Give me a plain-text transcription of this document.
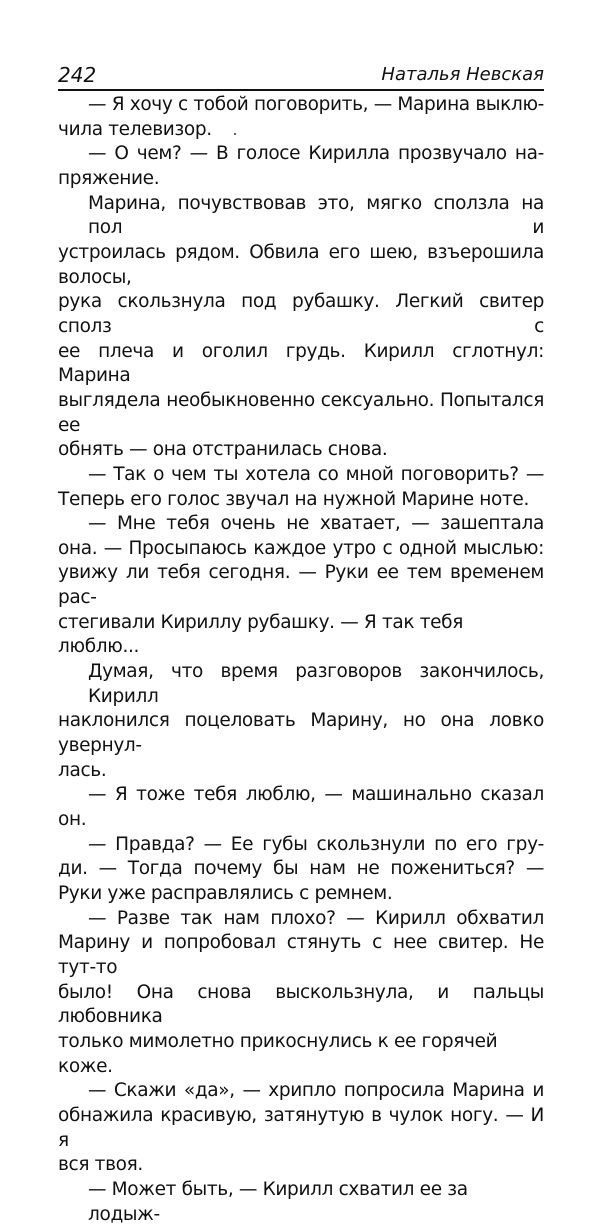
242	Наталья Невская
— Я хочу с тобой поговорить, — Марина выклю-
чила телевизор.
— О чем? — В голосе Кирилла прозвучало на-
пряжение.
Марина, почувствовав это, мягко сползла на пол и
устроилась рядом. Обвила его шею, взъерошила волосы,
рука скользнула под рубашку. Легкий свитер сполз с
ее плеча и оголил грудь. Кирилл сглотнул: Марина
выглядела необыкновенно сексуально. Попытался ее
обнять — она отстранилась снова.
— Так о чем ты хотела со мной поговорить? —
Теперь его голос звучал на нужной Марине ноте.
— Мне тебя очень не хватает, — зашептала
она. — Просыпаюсь каждое утро с одной мыслью:
увижу ли тебя сегодня. — Руки ее тем временем рас-
стегивали Кириллу рубашку. — Я так тебя люблю...
Думая, что время разговоров закончилось, Кирилл
наклонился поцеловать Марину, но она ловко увернул-
лась.
— Я тоже тебя люблю, — машинально сказал
он.
— Правда? — Ее губы скользнули по его гру-
ди. — Тогда почему бы нам не пожениться? —
Руки уже расправлялись с ремнем.
— Разве так нам плохо? — Кирилл обхватил
Марину и попробовал стянуть с нее свитер. Не тут-то
было! Она снова выскользнула, и пальцы любовника
только мимолетно прикоснулись к ее горячей коже.
— Скажи «да», — хрипло попросила Марина и
обнажила красивую, затянутую в чулок ногу. — И я
вся твоя.
— Может быть, — Кирилл схватил ее за лодыж-
